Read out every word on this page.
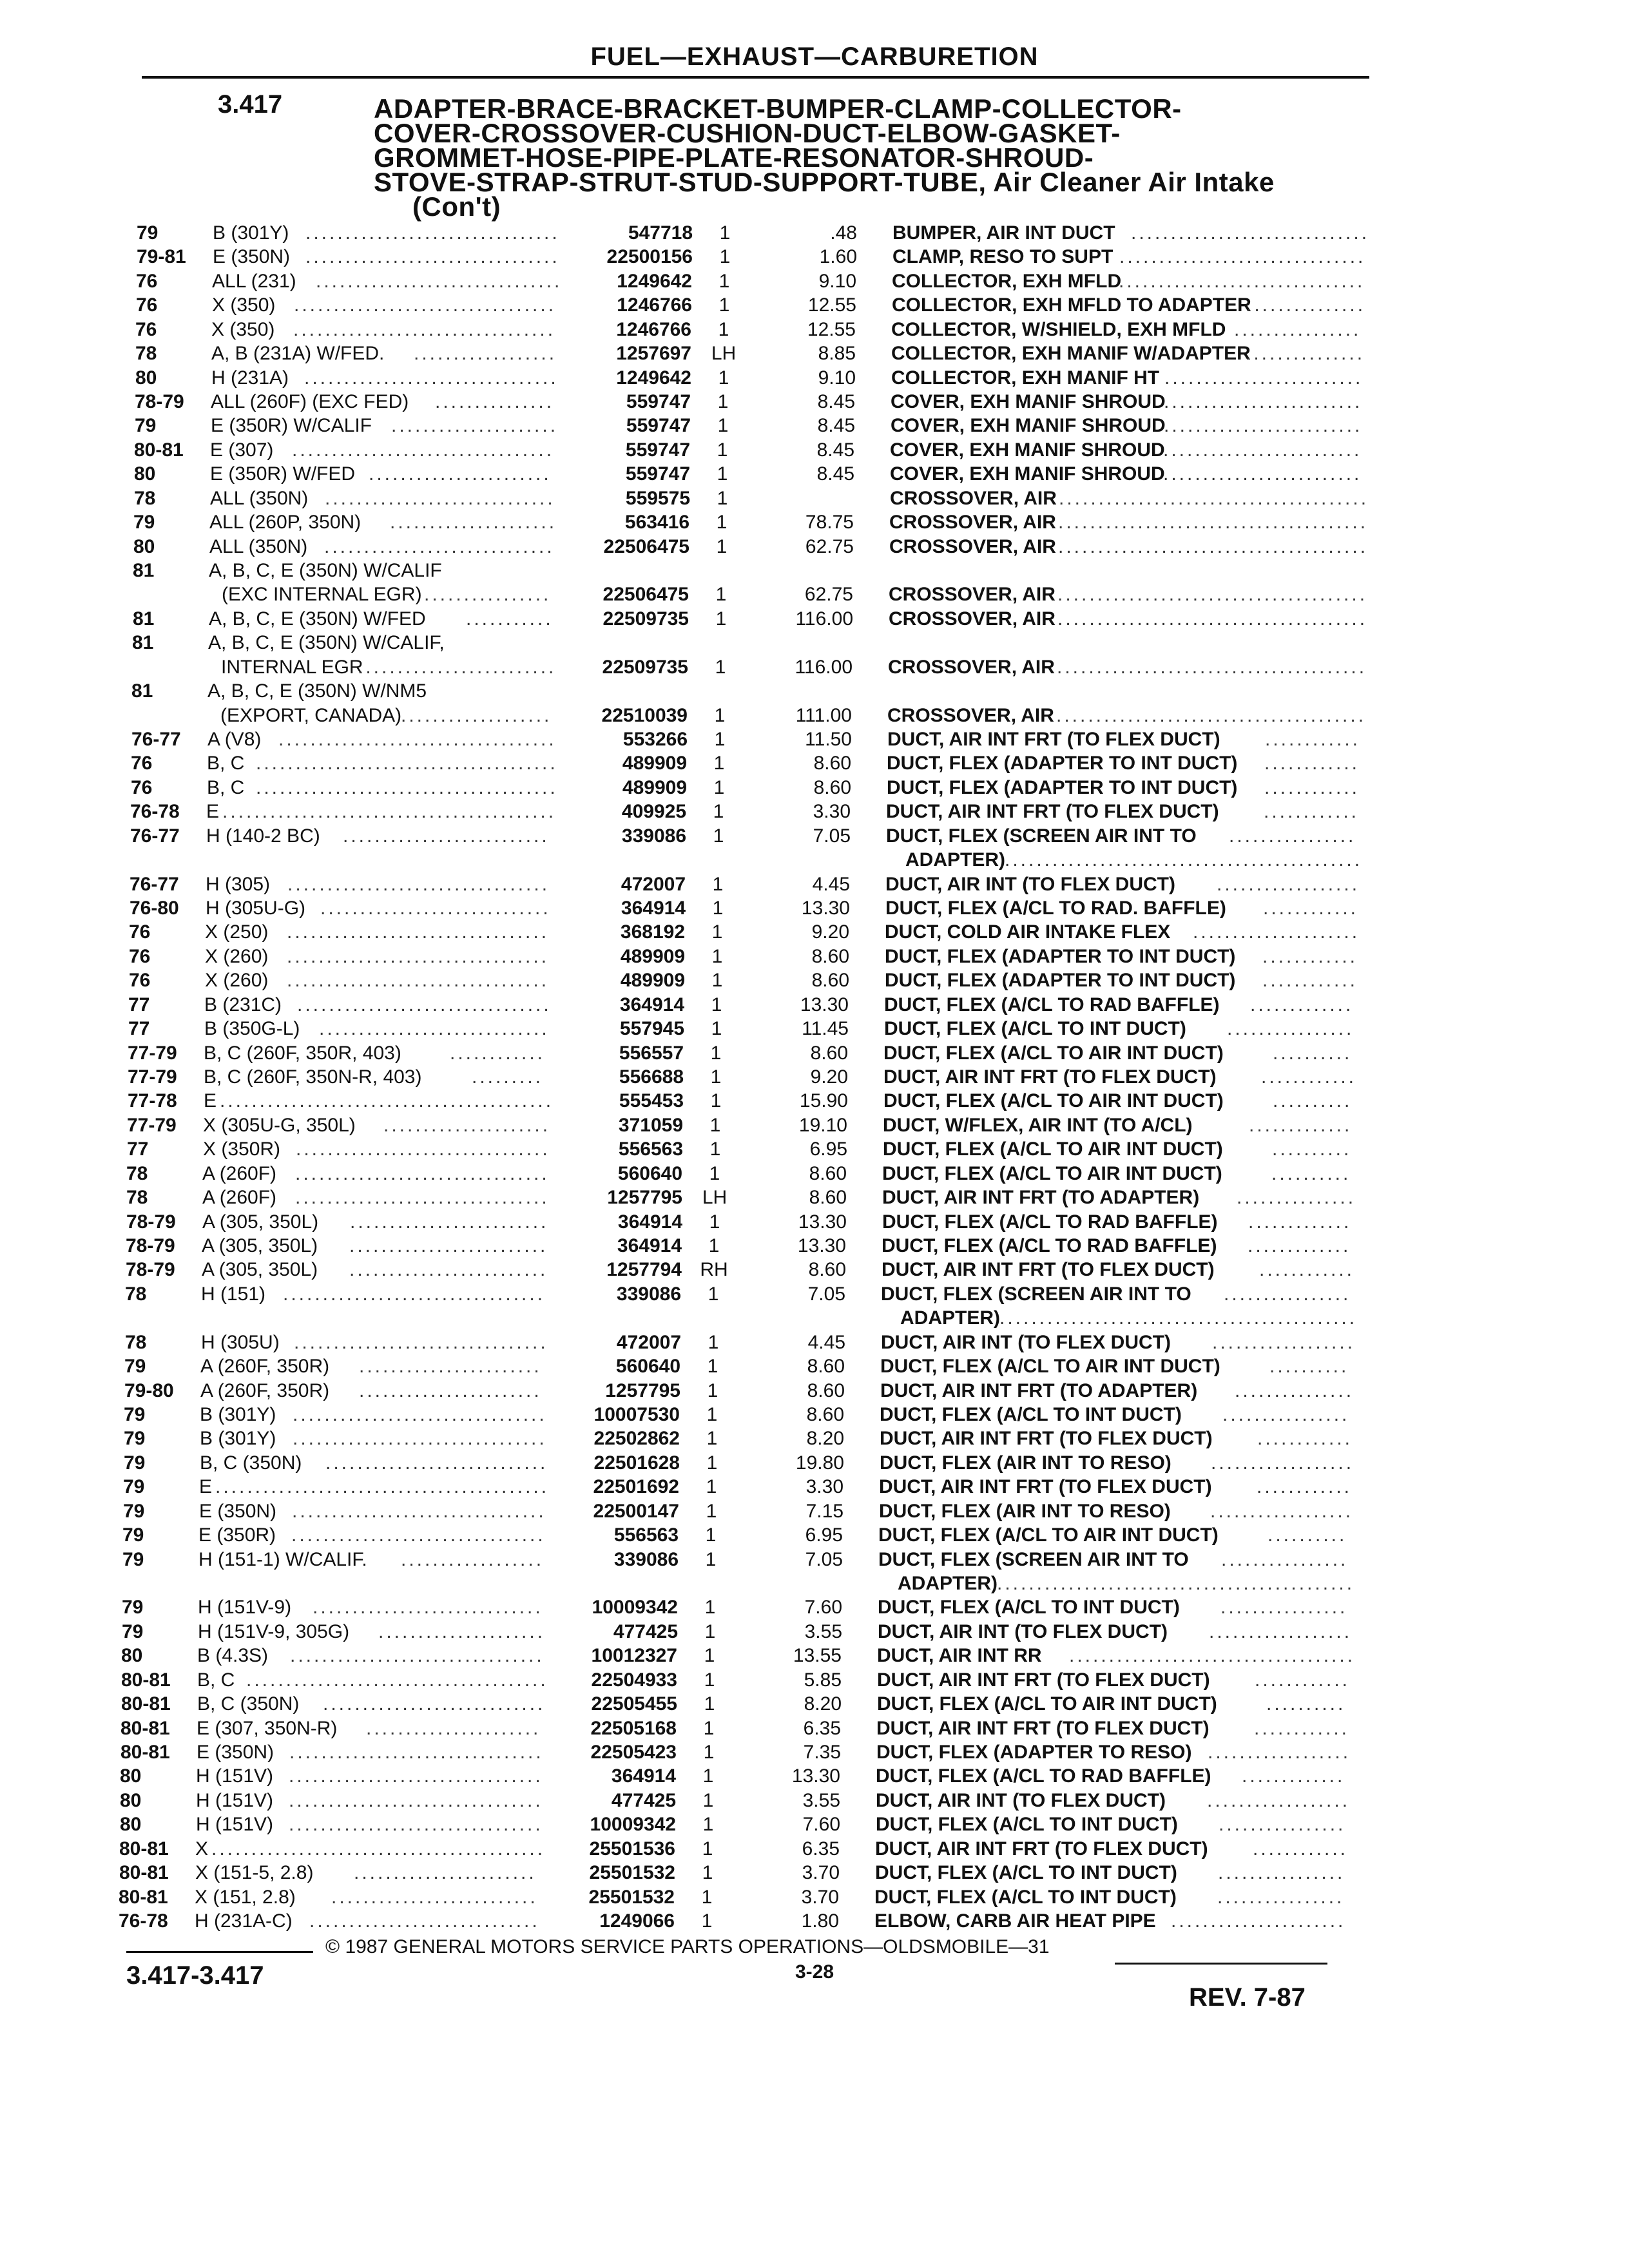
FUEL—EXHAUST—CARBURETION
3.417	ADAPTER-BRACE-BRACKET-BUMPER-CLAMP-COLLECTOR-
COVER-CROSSOVER-CUSHION-DUCT-ELBOW-GASKET-
GROMMET-HOSE-PIPE-PLATE-RESONATOR-SHROUD-
STOVE-STRAP-STRUT-STUD-SUPPORT-TUBE, Air Cleaner Air Intake
(Con't)
79	B (301Y) ................................	547718	1	.48 BUMPER, AIR INT DUCT ..............................
79-81 E (350N) ................................	22500156	1	1.60 CLAMP, RESO TO SUPT ...............................
76	ALL (231) ...............................	1249642	1	9.10 COLLECTOR, EXH MFLD
...............................
76	X (350) .................................	1246766	1	12.55 COLLECTOR, EXH MFLD TO ADAPTER
...............
76	X (350) .................................	1246766	1	12.55 COLLECTOR, W/SHIELD, EXH MFLD ................
78	A, B (231A) W/FED. ..................	1257697	LH	8.85 COLLECTOR, EXH MANIF W/ADAPTER
...............
80	H (231A) ................................	1249642	1	9.10 COLLECTOR, EXH MANIF HT .........................
78-79 ALL (260F) (EXC FED) ...............	559747	1	8.45 COVER, EXH MANIF SHROUD
.........................
79	E (350R) W/CALIF .....................	559747	1	8.45 COVER, EXH MANIF SHROUD
.........................
80-81 E (307) .................................	559747	1	8.45 COVER, EXH MANIF SHROUD
.........................
80	E (350R) W/FED .......................	559747	1	8.45 COVER, EXH MANIF SHROUD
.........................
78	ALL (350N) .............................	559575	1	CROSSOVER, AIR .......................................
79	ALL (260P, 350N) .....................	563416	1	78.75 CROSSOVER, AIR .......................................
80	ALL (350N) .............................	22506475	1	62.75 CROSSOVER, AIR .......................................
81	A, B, C, E (350N) W/CALIF
(EXC INTERNAL EGR) ................	22506475	1	62.75 CROSSOVER, AIR .......................................
81	A, B, C, E (350N) W/FED ...........	22509735	1	116.00 CROSSOVER, AIR .......................................
81	A, B, C, E (350N) W/CALIF,
INTERNAL EGR
.........................	22509735	1	116.00 CROSSOVER, AIR .......................................
81	A, B, C, E (350N) W/NM5
(EXPORT, CANADA)
...................	22510039	1	111.00 CROSSOVER, AIR .......................................
76-77 A (V8) ...................................	553266	1	11.50 DUCT, AIR INT FRT (TO FLEX DUCT) ............
76	B, C ......................................	489909	1	8.60 DUCT, FLEX (ADAPTER TO INT DUCT) ............
76	B, C ......................................	489909	1	8.60 DUCT, FLEX (ADAPTER TO INT DUCT) ............
76-78 E ..........................................	409925	1	3.30 DUCT, AIR INT FRT (TO FLEX DUCT) ............
76-77 H (140-2 BC) ..........................	339086	1	7.05 DUCT, FLEX (SCREEN AIR INT TO ................
ADAPTER) .............................................
76-77 H (305) .................................	472007	1	4.45 DUCT, AIR INT (TO FLEX DUCT) ..................
76-80 H (305U-G) .............................	364914	1	13.30 DUCT, FLEX (A/CL TO RAD. BAFFLE) ............
76	X (250) .................................	368192	1	9.20 DUCT, COLD AIR INTAKE FLEX .....................
76	X (260) .................................	489909	1	8.60 DUCT, FLEX (ADAPTER TO INT DUCT) ............
76	X (260) .................................	489909	1	8.60 DUCT, FLEX (ADAPTER TO INT DUCT) ............
77	B (231C) ................................	364914	1	13.30 DUCT, FLEX (A/CL TO RAD BAFFLE) .............
77	B (350G-L) .............................	557945	1	11.45 DUCT, FLEX (A/CL TO INT DUCT) ................
77-79 B, C (260F, 350R, 403)	............	556557	1	8.60 DUCT, FLEX (A/CL TO AIR INT DUCT)	..........
77-79 B, C (260F, 350N-R, 403)	.........	556688	1	9.20 DUCT, AIR INT FRT (TO FLEX DUCT) ............
77-78 E ..........................................	555453	1	15.90 DUCT, FLEX (A/CL TO AIR INT DUCT)	..........
77-79 X (305U-G, 350L) .....................	371059	1	19.10 DUCT, W/FLEX, AIR INT (TO A/CL)	.............
77	X (350R) ................................	556563	1	6.95 DUCT, FLEX (A/CL TO AIR INT DUCT)	..........
78	A (260F) ................................	560640	1	8.60 DUCT, FLEX (A/CL TO AIR INT DUCT)	..........
78	A (260F) ................................	1257795	LH	8.60 DUCT, AIR INT FRT (TO ADAPTER) ...............
78-79 A (305, 350L) .........................	364914	1	13.30 DUCT, FLEX (A/CL TO RAD BAFFLE) .............
78-79 A (305, 350L) .........................	364914	1	13.30 DUCT, FLEX (A/CL TO RAD BAFFLE) .............
78-79 A (305, 350L) .........................	1257794 RH	8.60 DUCT, AIR INT FRT (TO FLEX DUCT) ............
78	H (151) .................................	339086	1	7.05 DUCT, FLEX (SCREEN AIR INT TO ................
ADAPTER) .............................................
78	H (305U) ................................	472007	1	4.45 DUCT, AIR INT (TO FLEX DUCT) ..................
79	A (260F, 350R) .......................	560640	1	8.60 DUCT, FLEX (A/CL TO AIR INT DUCT)	..........
79-80 A (260F, 350R) .......................	1257795	1	8.60 DUCT, AIR INT FRT (TO ADAPTER) ...............
79	B (301Y) ................................	10007530	1	8.60 DUCT, FLEX (A/CL TO INT DUCT) ................
79	B (301Y) ................................	22502862	1	8.20 DUCT, AIR INT FRT (TO FLEX DUCT) ............
79	B, C (350N) ............................	22501628	1	19.80 DUCT, FLEX (AIR INT TO RESO) ..................
79	E ..........................................	22501692	1	3.30 DUCT, AIR INT FRT (TO FLEX DUCT) ............
79	E (350N) ................................	22500147	1	7.15 DUCT, FLEX (AIR INT TO RESO) ..................
79	E (350R) ................................	556563	1	6.95 DUCT, FLEX (A/CL TO AIR INT DUCT)	..........
79	H (151-1) W/CALIF. ..................	339086	1	7.05 DUCT, FLEX (SCREEN AIR INT TO ................
ADAPTER) .............................................
79	H (151V-9) .............................	10009342	1	7.60 DUCT, FLEX (A/CL TO INT DUCT) ................
79	H (151V-9, 305G) .....................	477425	1	3.55 DUCT, AIR INT (TO FLEX DUCT) ..................
80	B (4.3S) ................................	10012327	1	13.55 DUCT, AIR INT RR ....................................
80-81 B, C ......................................	22504933	1	5.85 DUCT, AIR INT FRT (TO FLEX DUCT) ............
80-81 B, C (350N) ............................	22505455	1	8.20 DUCT, FLEX (A/CL TO AIR INT DUCT)	..........
80-81 E (307, 350N-R) ......................	22505168	1	6.35 DUCT, AIR INT FRT (TO FLEX DUCT) ............
80-81 E (350N) ................................	22505423	1	7.35 DUCT, FLEX (ADAPTER TO RESO) ..................
80	H (151V) ................................	364914	1	13.30 DUCT, FLEX (A/CL TO RAD BAFFLE) .............
80	H (151V) ................................	477425	1	3.55 DUCT, AIR INT (TO FLEX DUCT) ..................
80	H (151V) ................................	10009342	1	7.60 DUCT, FLEX (A/CL TO INT DUCT) ................
80-81 X ..........................................	25501536	1	6.35 DUCT, AIR INT FRT (TO FLEX DUCT) ............
80-81 X (151-5, 2.8) .......................	25501532	1	3.70 DUCT, FLEX (A/CL TO INT DUCT) ................
80-81 X (151, 2.8) ..........................	25501532	1	3.70 DUCT, FLEX (A/CL TO INT DUCT) ................
76-78 H (231A-C) .............................	1249066	1	1.80 ELBOW, CARB AIR HEAT PIPE ......................
3.417-3.417
© 1987 GENERAL MOTORS SERVICE PARTS OPERATIONS—OLDSMOBILE—31
3-28
REV. 7-87
